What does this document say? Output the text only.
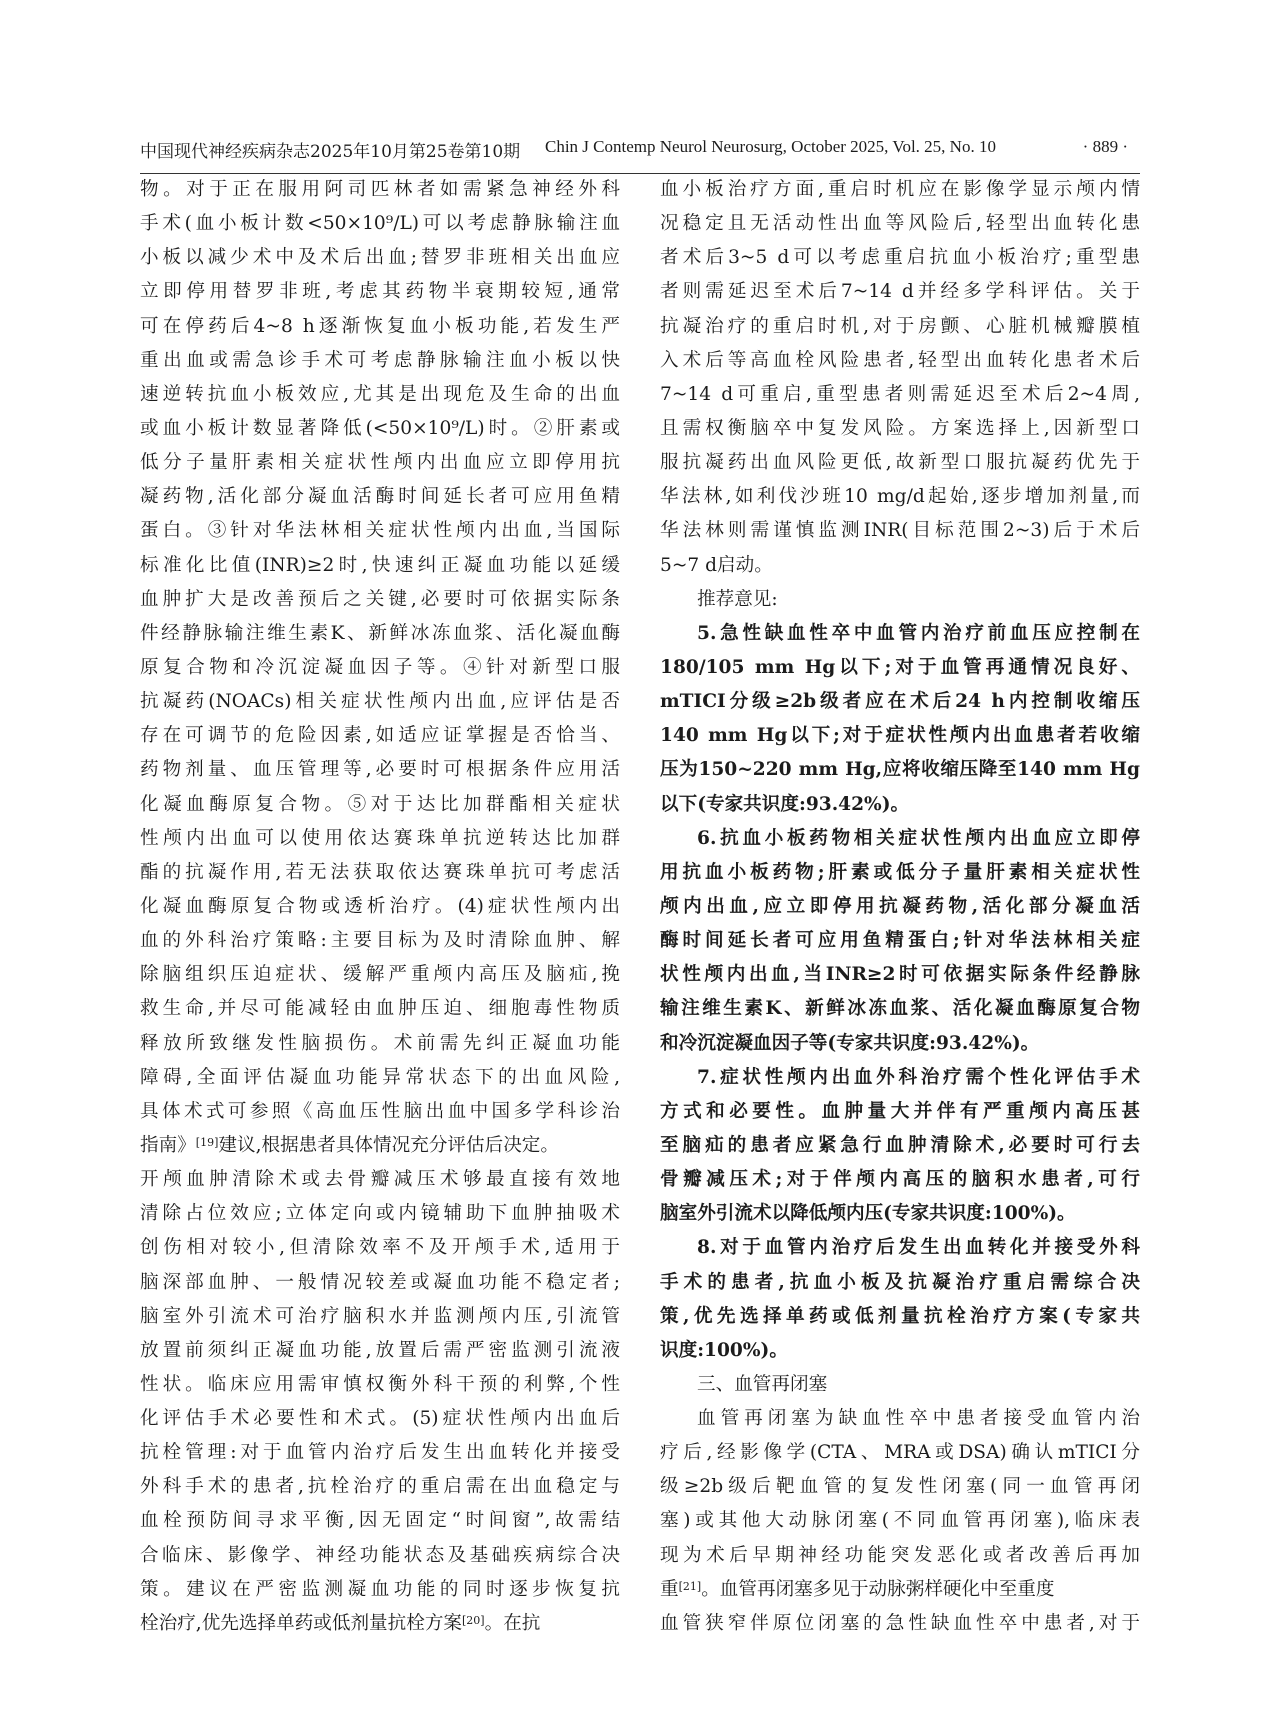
中国现代神经疾病杂志2025年10月第25卷第10期 Chin J Contemp Neurol Neurosurg, October 2025, Vol. 25, No. 10	· 889 ·
物。对于正在服用阿司匹林者如需紧急神经外科
手术(血小板计数<50×10⁹/L)可以考虑静脉输注血
小板以减少术中及术后出血;替罗非班相关出血应
立即停用替罗非班,考虑其药物半衰期较短,通常
可在停药后4~8 h逐渐恢复血小板功能,若发生严
重出血或需急诊手术可考虑静脉输注血小板以快
速逆转抗血小板效应,尤其是出现危及生命的出血
或血小板计数显著降低(<50×10⁹/L)时。②肝素或
低分子量肝素相关症状性颅内出血应立即停用抗
凝药物,活化部分凝血活酶时间延长者可应用鱼精
蛋白。③针对华法林相关症状性颅内出血,当国际
标准化比值(INR)≥2时,快速纠正凝血功能以延缓
血肿扩大是改善预后之关键,必要时可依据实际条
件经静脉输注维生素K、新鲜冰冻血浆、活化凝血酶
原复合物和冷沉淀凝血因子等。④针对新型口服
抗凝药(NOACs)相关症状性颅内出血,应评估是否
存在可调节的危险因素,如适应证掌握是否恰当、
药物剂量、血压管理等,必要时可根据条件应用活
化凝血酶原复合物。⑤对于达比加群酯相关症状
性颅内出血可以使用依达赛珠单抗逆转达比加群
酯的抗凝作用,若无法获取依达赛珠单抗可考虑活
化凝血酶原复合物或透析治疗。(4)症状性颅内出
血的外科治疗策略:主要目标为及时清除血肿、解
除脑组织压迫症状、缓解严重颅内高压及脑疝,挽
救生命,并尽可能减轻由血肿压迫、细胞毒性物质
释放所致继发性脑损伤。术前需先纠正凝血功能
障碍,全面评估凝血功能异常状态下的出血风险,
具体术式可参照《高血压性脑出血中国多学科诊治
指南》[19]建议,根据患者具体情况充分评估后决定。
开颅血肿清除术或去骨瓣减压术够最直接有效地
清除占位效应;立体定向或内镜辅助下血肿抽吸术
创伤相对较小,但清除效率不及开颅手术,适用于
脑深部血肿、一般情况较差或凝血功能不稳定者;
脑室外引流术可治疗脑积水并监测颅内压,引流管
放置前须纠正凝血功能,放置后需严密监测引流液
性状。临床应用需审慎权衡外科干预的利弊,个性
化评估手术必要性和术式。(5)症状性颅内出血后
抗栓管理:对于血管内治疗后发生出血转化并接受
外科手术的患者,抗栓治疗的重启需在出血稳定与
血栓预防间寻求平衡,因无固定“时间窗”,故需结
合临床、影像学、神经功能状态及基础疾病综合决
策。建议在严密监测凝血功能的同时逐步恢复抗
栓治疗,优先选择单药或低剂量抗栓方案[20]。在抗
血小板治疗方面,重启时机应在影像学显示颅内情
况稳定且无活动性出血等风险后,轻型出血转化患
者术后3~5 d可以考虑重启抗血小板治疗;重型患
者则需延迟至术后7~14 d并经多学科评估。关于
抗凝治疗的重启时机,对于房颤、心脏机械瓣膜植
入术后等高血栓风险患者,轻型出血转化患者术后
7~14 d可重启,重型患者则需延迟至术后2~4周,
且需权衡脑卒中复发风险。方案选择上,因新型口
服抗凝药出血风险更低,故新型口服抗凝药优先于
华法林,如利伐沙班10 mg/d起始,逐步增加剂量,而
华法林则需谨慎监测INR(目标范围2~3)后于术后
5~7 d启动。
推荐意见:
5.急性缺血性卒中血管内治疗前血压应控制在
180/105 mm Hg以下;对于血管再通情况良好、
mTICI分级≥2b级者应在术后24 h内控制收缩压
140 mm Hg以下;对于症状性颅内出血患者若收缩
压为150~220 mm Hg,应将收缩压降至140 mm Hg
以下(专家共识度:93.42%)。
6.抗血小板药物相关症状性颅内出血应立即停
用抗血小板药物;肝素或低分子量肝素相关症状性
颅内出血,应立即停用抗凝药物,活化部分凝血活
酶时间延长者可应用鱼精蛋白;针对华法林相关症
状性颅内出血,当INR≥2时可依据实际条件经静脉
输注维生素K、新鲜冰冻血浆、活化凝血酶原复合物
和冷沉淀凝血因子等(专家共识度:93.42%)。
7.症状性颅内出血外科治疗需个性化评估手术
方式和必要性。血肿量大并伴有严重颅内高压甚
至脑疝的患者应紧急行血肿清除术,必要时可行去
骨瓣减压术;对于伴颅内高压的脑积水患者,可行
脑室外引流术以降低颅内压(专家共识度:100%)。
8.对于血管内治疗后发生出血转化并接受外科
手术的患者,抗血小板及抗凝治疗重启需综合决
策,优先选择单药或低剂量抗栓治疗方案(专家共
识度:100%)。
三、血管再闭塞
血管再闭塞为缺血性卒中患者接受血管内治
疗后,经影像学(CTA、MRA或DSA)确认mTICI分
级≥2b级后靶血管的复发性闭塞(同一血管再闭
塞)或其他大动脉闭塞(不同血管再闭塞),临床表
现为术后早期神经功能突发恶化或者改善后再加
重[21]。血管再闭塞多见于动脉粥样硬化中至重度
血管狭窄伴原位闭塞的急性缺血性卒中患者,对于
